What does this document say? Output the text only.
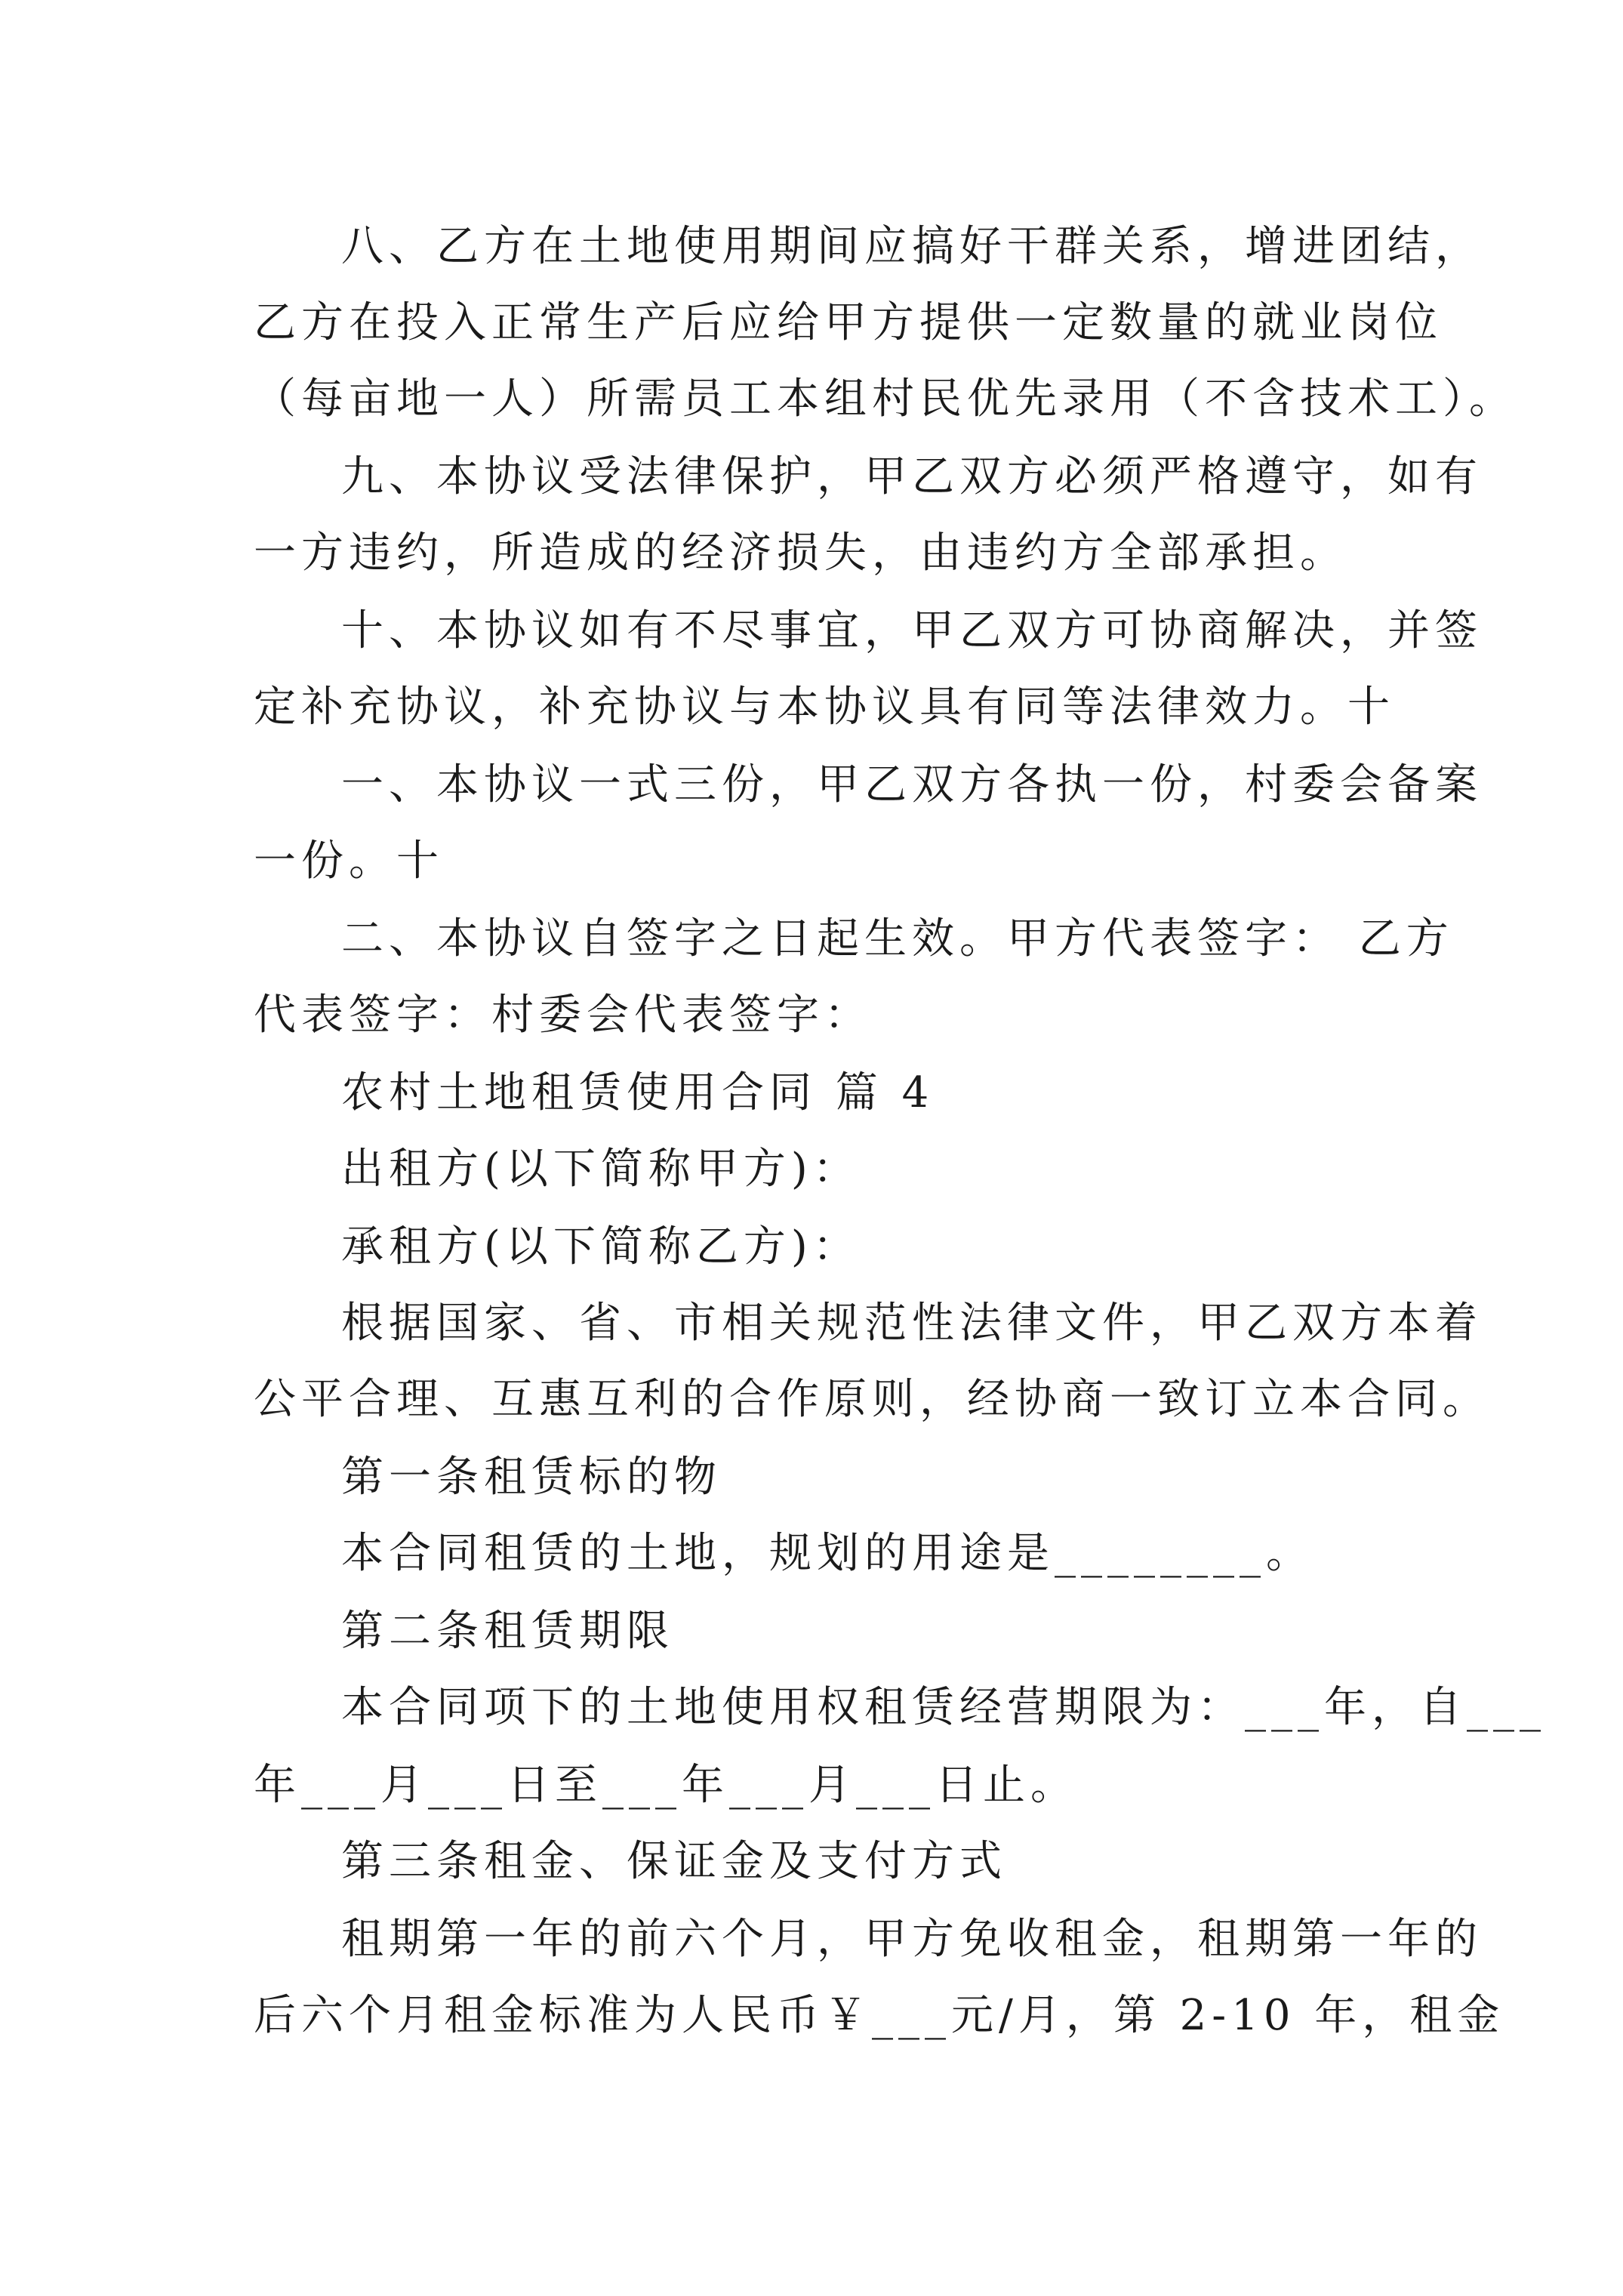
八、乙方在土地使用期间应搞好干群关系，增进团结，
乙方在投入正常生产后应给甲方提供一定数量的就业岗位
（每亩地一人）所需员工本组村民优先录用（不含技术工）。
九、本协议受法律保护，甲乙双方必须严格遵守，如有
一方违约，所造成的经济损失，由违约方全部承担。
十、本协议如有不尽事宜，甲乙双方可协商解决，并签
定补充协议，补充协议与本协议具有同等法律效力。十
一、本协议一式三份，甲乙双方各执一份，村委会备案
一份。十
二、本协议自签字之日起生效。甲方代表签字： 乙方
代表签字：村委会代表签字：
农村土地租赁使用合同 篇 4
出租方(以下简称甲方)：
承租方(以下简称乙方)：
根据国家、省、市相关规范性法律文件，甲乙双方本着
公平合理、互惠互利的合作原则，经协商一致订立本合同。
第一条租赁标的物
本合同租赁的土地，规划的用途是________。
第二条租赁期限
本合同项下的土地使用权租赁经营期限为：___年，自___
年___月___日至___年___月___日止。
第三条租金、保证金及支付方式
租期第一年的前六个月，甲方免收租金，租期第一年的
后六个月租金标准为人民币￥___元/月，第 2-10 年，租金
